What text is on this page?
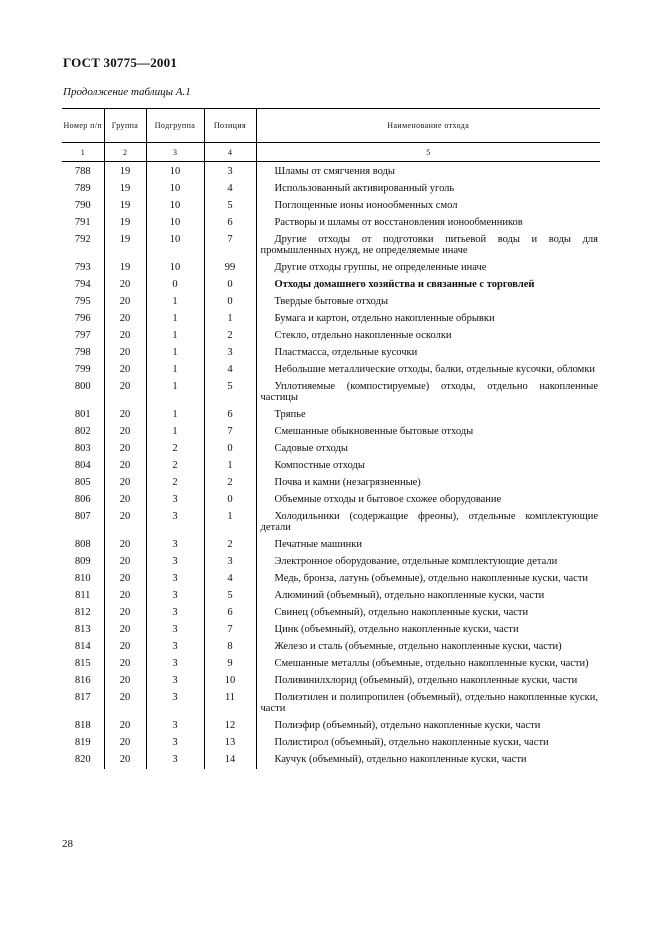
ГОСТ 30775—2001
Продолжение таблицы А.1
Номер п/п	Группа	Подгруппа	Позиция	Наименование отхода
1	2	3	4	5
788	19	10	3	Шламы от смягчения воды
789	19	10	4	Использованный активированный уголь
790	19	10	5	Поглощенные ионы ионообменных смол
791	19	10	6	Растворы и шламы от восстановления ионообменников
792	19	10	7	Другие отходы от подготовки питьевой воды и воды для промышленных нужд, не определяемые иначе
793	19	10	99	Другие отходы группы, не определенные иначе
794	20	0	0	Отходы домашнего хозяйства и связанные с торговлей
795	20	1	0	Твердые бытовые отходы
796	20	1	1	Бумага и картон, отдельно накопленные обрывки
797	20	1	2	Стекло, отдельно накопленные осколки
798	20	1	3	Пластмасса, отдельные кусочки
799	20	1	4	Небольшие металлические отходы, балки, отдельные кусочки, обломки
800	20	1	5	Уплотняемые (компостируемые) отходы, отдельно накопленные частицы
801	20	1	6	Тряпье
802	20	1	7	Смешанные обыкновенные бытовые отходы
803	20	2	0	Садовые отходы
804	20	2	1	Компостные отходы
805	20	2	2	Почва и камни (незагрязненные)
806	20	3	0	Объемные отходы и бытовое схожее оборудование
807	20	3	1	Холодильники (содержащие фреоны), отдельные комплектующие детали
808	20	3	2	Печатные машинки
809	20	3	3	Электронное оборудование, отдельные комплектующие детали
810	20	3	4	Медь, бронза, латунь (объемные), отдельно накопленные куски, части
811	20	3	5	Алюминий (объемный), отдельно накопленные куски, части
812	20	3	6	Свинец (объемный), отдельно накопленные куски, части
813	20	3	7	Цинк (объемный), отдельно накопленные куски, части
814	20	3	8	Железо и сталь (объемные, отдельно накопленные куски, части)
815	20	3	9	Смешанные металлы (объемные, отдельно накопленные куски, части)
816	20	3	10	Поливинилхлорид (объемный), отдельно накопленные куски, части
817	20	3	11	Полиэтилен и полипропилен (объемный), отдельно накопленные куски, части
818	20	3	12	Полиэфир (объемный), отдельно накопленные куски, части
819	20	3	13	Полистирол (объемный), отдельно накопленные куски, части
820	20	3	14	Каучук (объемный), отдельно накопленные куски, части
28
